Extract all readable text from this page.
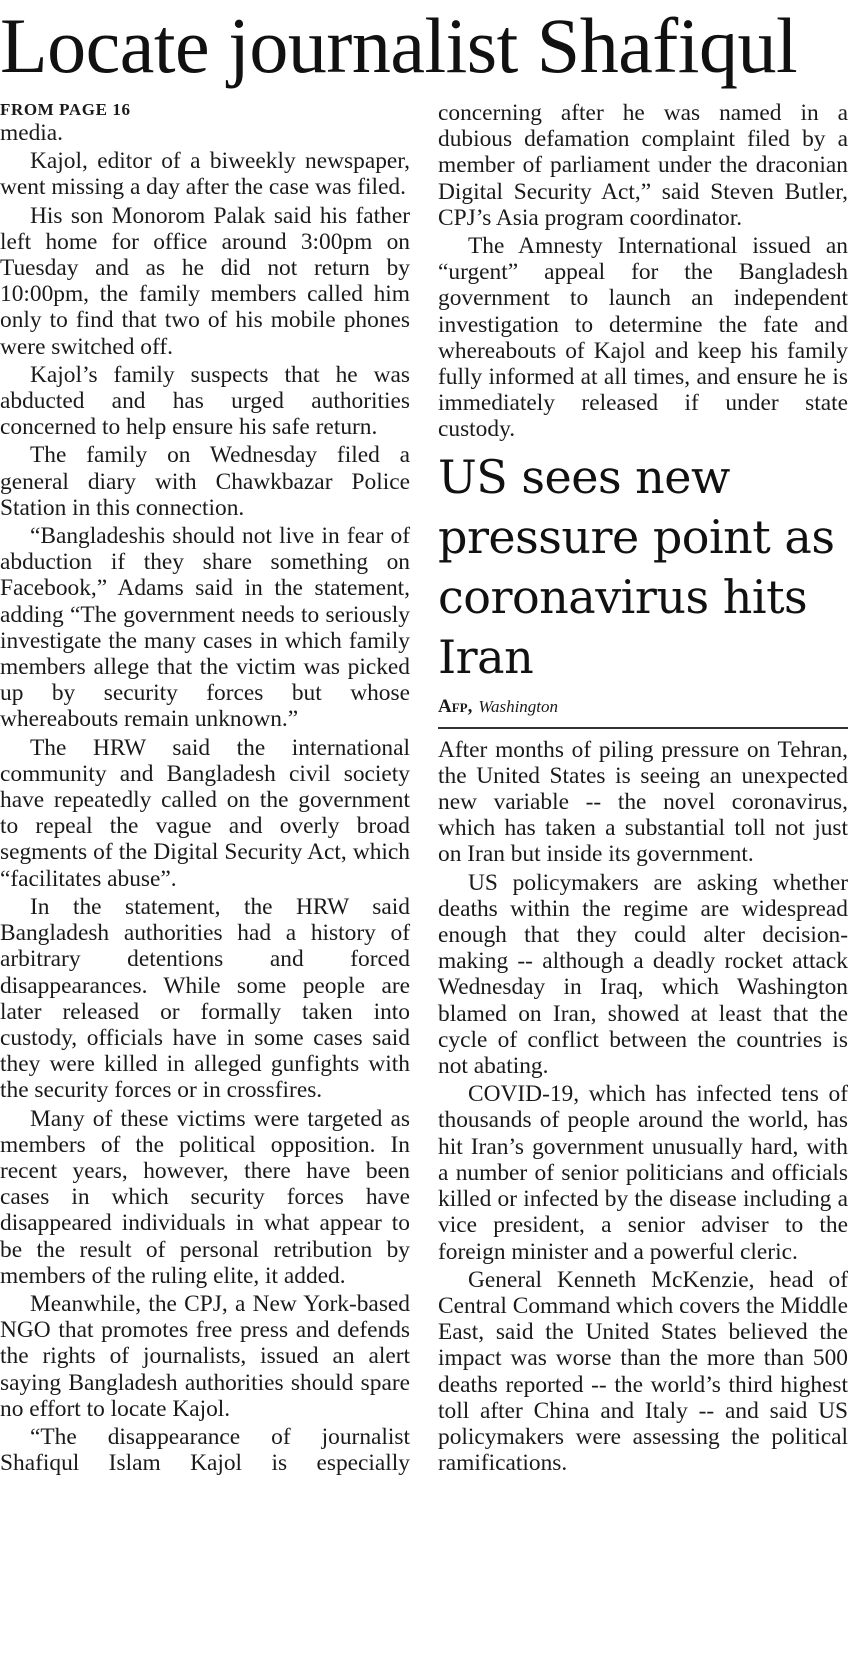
Locate journalist Shafiqul

FROM PAGE 16

media.

Kajol, editor of a biweekly newspaper, went missing a day after the case was filed.

His son Monorom Palak said his father left home for office around 3:00pm on Tuesday and as he did not return by 10:00pm, the family members called him only to find that two of his mobile phones were switched off.

Kajol’s family suspects that he was abducted and has urged authorities concerned to help ensure his safe return.

The family on Wednesday filed a general diary with Chawkbazar Police Station in this connection.

“Bangladeshis should not live in fear of abduction if they share something on Facebook,” Adams said in the statement, adding “The government needs to seriously investigate the many cases in which family members allege that the victim was picked up by security forces but whose whereabouts remain unknown.”

The HRW said the international community and Bangladesh civil society have repeatedly called on the government to repeal the vague and overly broad segments of the Digital Security Act, which “facilitates abuse”.

In the statement, the HRW said Bangladesh authorities had a history of arbitrary detentions and forced disappearances. While some people are later released or formally taken into custody, officials have in some cases said they were killed in alleged gunfights with the security forces or in crossfires.

Many of these victims were targeted as members of the political opposition. In recent years, however, there have been cases in which security forces have disappeared individuals in what appear to be the result of personal retribution by members of the ruling elite, it added.

Meanwhile, the CPJ, a New York-based NGO that promotes free press and defends the rights of journalists, issued an alert saying Bangladesh authorities should spare no effort to locate Kajol.

“The disappearance of journalist Shafiqul Islam Kajol is especially

concerning after he was named in a dubious defamation complaint filed by a member of parliament under the draconian Digital Security Act,” said Steven Butler, CPJ’s Asia program coordinator.

The Amnesty International issued an “urgent” appeal for the Bangladesh government to launch an independent investigation to determine the fate and whereabouts of Kajol and keep his family fully informed at all times, and ensure he is immediately released if under state custody.

US sees new pressure point as coronavirus hits Iran
Afp, Washington

After months of piling pressure on Tehran, the United States is seeing an unexpected new variable -- the novel coronavirus, which has taken a substantial toll not just on Iran but inside its government.

US policymakers are asking whether deaths within the regime are widespread enough that they could alter decision-making -- although a deadly rocket attack Wednesday in Iraq, which Washington blamed on Iran, showed at least that the cycle of conflict between the countries is not abating.

COVID-19, which has infected tens of thousands of people around the world, has hit Iran’s government unusually hard, with a number of senior politicians and officials killed or infected by the disease including a vice president, a senior adviser to the foreign minister and a powerful cleric.

General Kenneth McKenzie, head of Central Command which covers the Middle East, said the United States believed the impact was worse than the more than 500 deaths reported -- the world’s third highest toll after China and Italy -- and said US policymakers were assessing the political ramifications.
